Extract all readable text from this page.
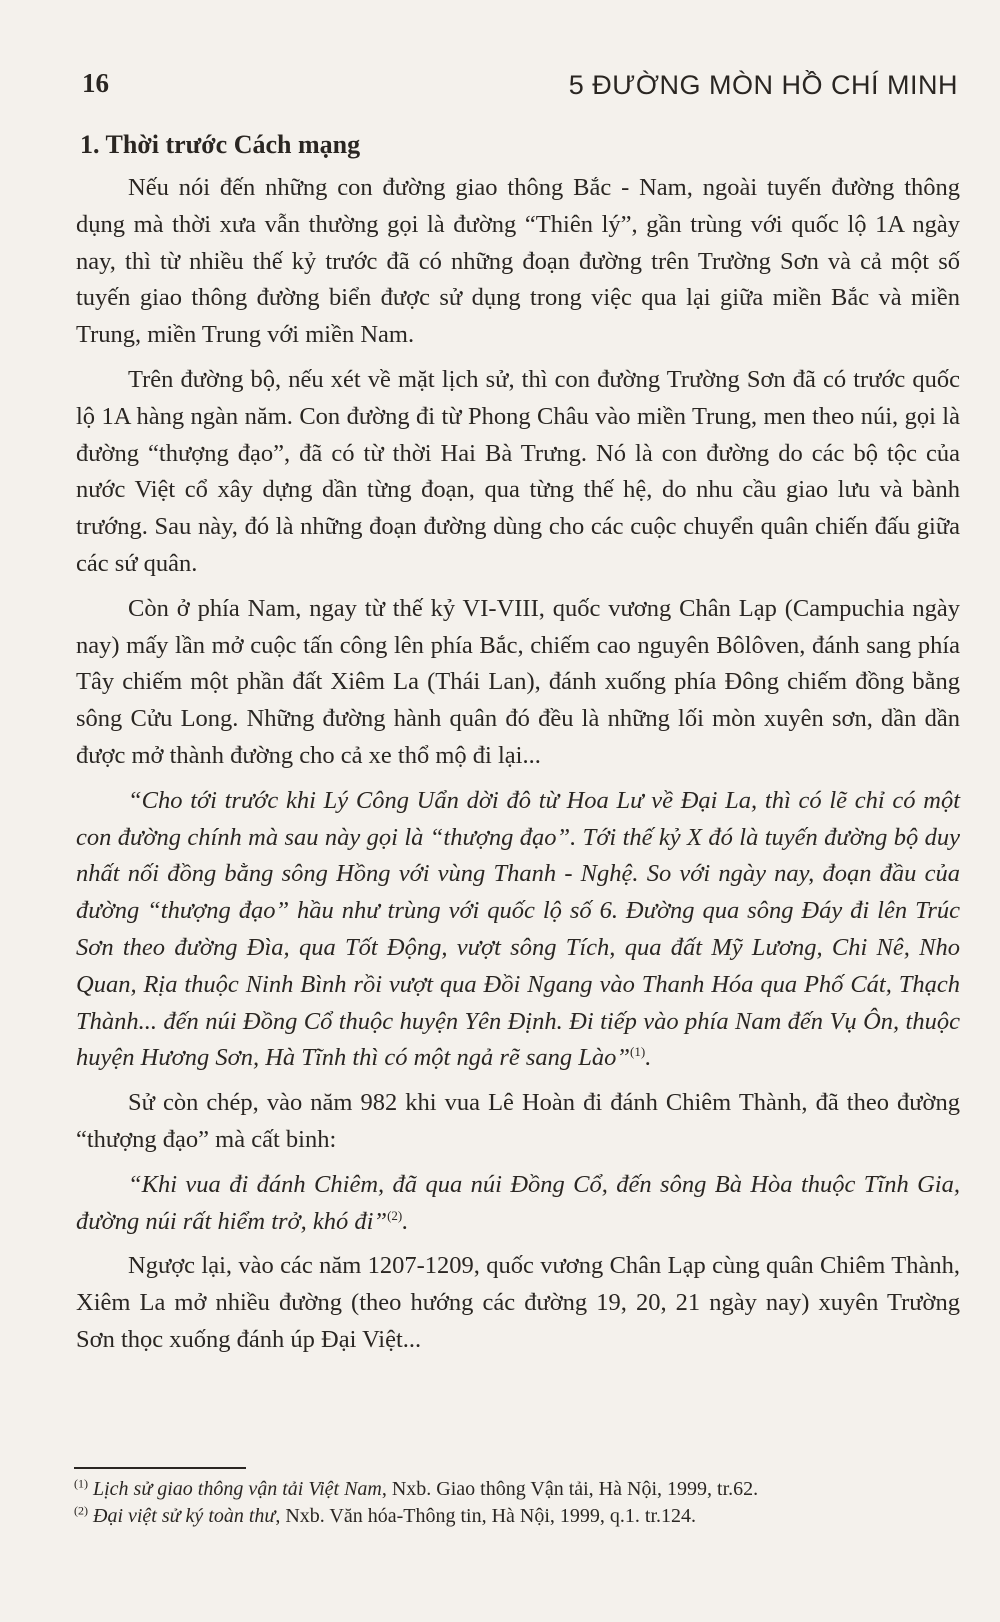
16	5 ĐƯỜNG MÒN HỒ CHÍ MINH
1. Thời trước Cách mạng

Nếu nói đến những con đường giao thông Bắc - Nam, ngoài tuyến đường thông dụng mà thời xưa vẫn thường gọi là đường “Thiên lý”, gần trùng với quốc lộ 1A ngày nay, thì từ nhiều thế kỷ trước đã có những đoạn đường trên Trường Sơn và cả một số tuyến giao thông đường biển được sử dụng trong việc qua lại giữa miền Bắc và miền Trung, miền Trung với miền Nam.

Trên đường bộ, nếu xét về mặt lịch sử, thì con đường Trường Sơn đã có trước quốc lộ 1A hàng ngàn năm. Con đường đi từ Phong Châu vào miền Trung, men theo núi, gọi là đường “thượng đạo”, đã có từ thời Hai Bà Trưng. Nó là con đường do các bộ tộc của nước Việt cổ xây dựng dần từng đoạn, qua từng thế hệ, do nhu cầu giao lưu và bành trướng. Sau này, đó là những đoạn đường dùng cho các cuộc chuyển quân chiến đấu giữa các sứ quân.

Còn ở phía Nam, ngay từ thế kỷ VI-VIII, quốc vương Chân Lạp (Campuchia ngày nay) mấy lần mở cuộc tấn công lên phía Bắc, chiếm cao nguyên Bôlôven, đánh sang phía Tây chiếm một phần đất Xiêm La (Thái Lan), đánh xuống phía Đông chiếm đồng bằng sông Cửu Long. Những đường hành quân đó đều là những lối mòn xuyên sơn, dần dần được mở thành đường cho cả xe thổ mộ đi lại...

“Cho tới trước khi Lý Công Uẩn dời đô từ Hoa Lư về Đại La, thì có lẽ chỉ có một con đường chính mà sau này gọi là “thượng đạo”. Tới thế kỷ X đó là tuyến đường bộ duy nhất nối đồng bằng sông Hồng với vùng Thanh - Nghệ. So với ngày nay, đoạn đầu của đường “thượng đạo” hầu như trùng với quốc lộ số 6. Đường qua sông Đáy đi lên Trúc Sơn theo đường Đìa, qua Tốt Động, vượt sông Tích, qua đất Mỹ Lương, Chi Nê, Nho Quan, Rịa thuộc Ninh Bình rồi vượt qua Đồi Ngang vào Thanh Hóa qua Phố Cát, Thạch Thành... đến núi Đồng Cổ thuộc huyện Yên Định. Đi tiếp vào phía Nam đến Vụ Ôn, thuộc huyện Hương Sơn, Hà Tĩnh thì có một ngả rẽ sang Lào”$^{(1)}$.

Sử còn chép, vào năm 982 khi vua Lê Hoàn đi đánh Chiêm Thành, đã theo đường “thượng đạo” mà cất binh:

“Khi vua đi đánh Chiêm, đã qua núi Đồng Cổ, đến sông Bà Hòa thuộc Tĩnh Gia, đường núi rất hiểm trở, khó đi”$^{(2)}$.

Ngược lại, vào các năm 1207-1209, quốc vương Chân Lạp cùng quân Chiêm Thành, Xiêm La mở nhiều đường (theo hướng các đường 19, 20, 21 ngày nay) xuyên Trường Sơn thọc xuống đánh úp Đại Việt...

$^{(1)}$ Lịch sử giao thông vận tải Việt Nam, Nxb. Giao thông Vận tải, Hà Nội, 1999, tr.62.

$^{(2)}$ Đại việt sử ký toàn thư, Nxb. Văn hóa-Thông tin, Hà Nội, 1999, q.1. tr.124.
